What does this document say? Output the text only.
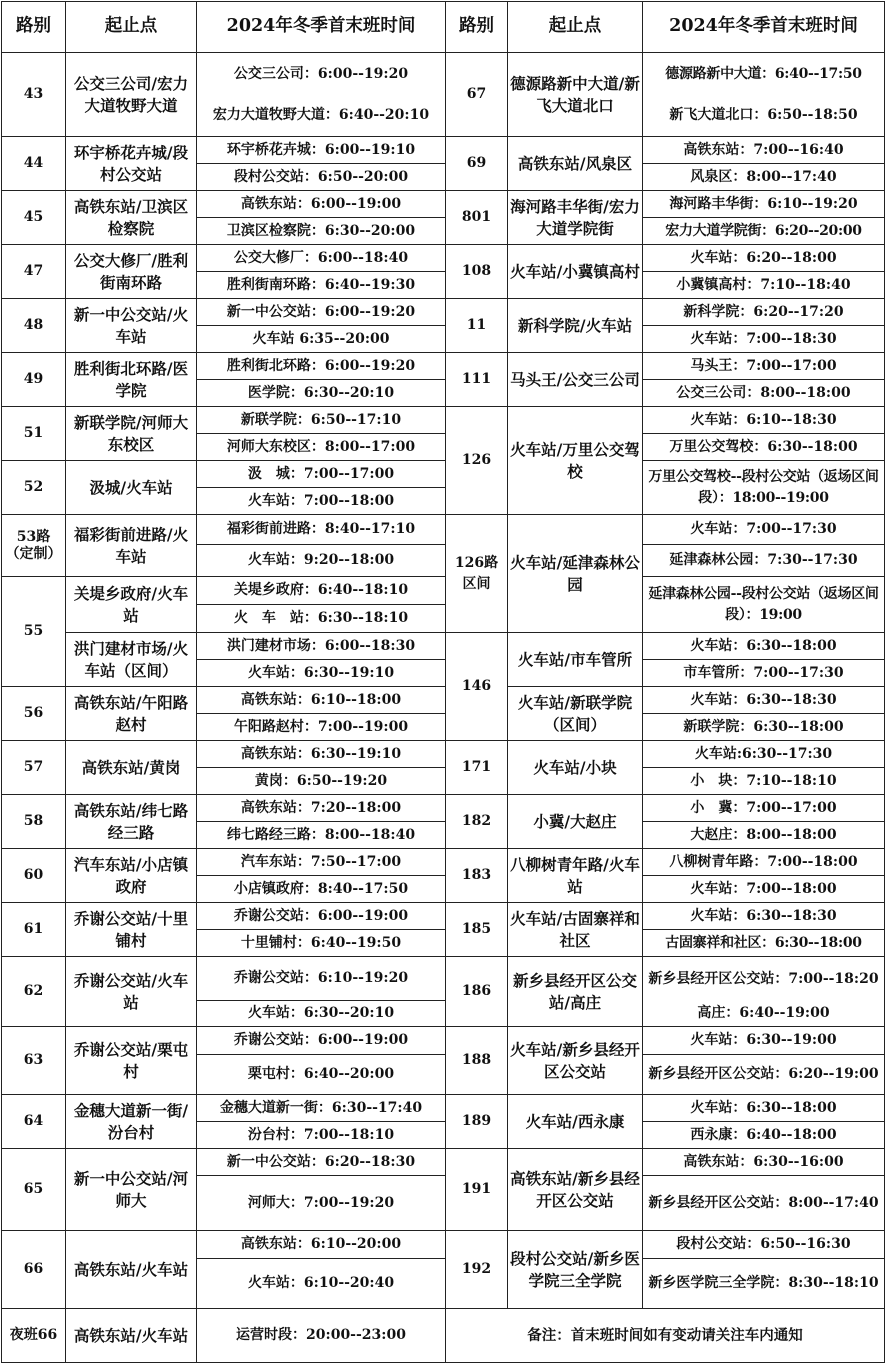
路别	起止点	2024年冬季首末班时间	路别	起止点	2024年冬季首末班时间
43	公交三公司/宏力大道牧野大道	公交三公司：6:00--19:20	67	德源路新中大道/新飞大道北口	德源路新中大道：6:40--17:50
		宏力大道牧野大道：6:40--20:10			新飞大道北口：6:50--18:50
44	环宇桥花卉城/段村公交站	环宇桥花卉城：6:00--19:10	69	高铁东站/风泉区	高铁东站：7:00--16:40
		段村公交站：6:50--20:00			风泉区：8:00--17:40
45	高铁东站/卫滨区检察院	高铁东站：6:00--19:00	801	海河路丰华街/宏力大道学院街	海河路丰华街：6:10--19:20
		卫滨区检察院：6:30--20:00			宏力大道学院街：6:20--20:00
47	公交大修厂/胜利街南环路	公交大修厂：6:00--18:40	108	火车站/小冀镇高村	火车站：6:20--18:00
		胜利街南环路：6:40--19:30			小冀镇高村：7:10--18:40
48	新一中公交站/火车站	新一中公交站：6:00--19:20	11	新科学院/火车站	新科学院：6:20--17:20
		火车站 6:35--20:00			火车站：7:00--18:30
49	胜利街北环路/医学院	胜利街北环路：6:00--19:20	111	马头王/公交三公司	马头王：7:00--17:00
		医学院：6:30--20:10			公交三公司：8:00--18:00
51	新联学院/河师大东校区	新联学院：6:50--17:10	126	火车站/万里公交驾校	火车站：6:10--18:30
		河师大东校区：8:00--17:00			万里公交驾校：6:30--18:00
52	汲城/火车站	汲　城：7:00--17:00			万里公交驾校--段村公交站（返场区间段）：18:00--19:00
		火车站：7:00--18:00			
53路（定制）	福彩街前进路/火车站	福彩街前进路：8:40--17:10	126路区间	火车站/延津森林公园	火车站：7:00--17:30
		火车站：9:20--18:00			延津森林公园：7:30--17:30
55	关堤乡政府/火车站	关堤乡政府：6:40--18:10			延津森林公园--段村公交站（返场区间段）：19:00
		火　车　站：6:30--18:10			
	洪门建材市场/火车站（区间）	洪门建材市场：6:00--18:30	146	火车站/市车管所	火车站：6:30--18:00
		火车站：6:30--19:10			市车管所：7:00--17:30
56	高铁东站/午阳路赵村	高铁东站：6:10--18:00		火车站/新联学院（区间）	火车站：6:30--18:30
		午阳路赵村：7:00--19:00			新联学院：6:30--18:00
57	高铁东站/黄岗	高铁东站：6:30--19:10	171	火车站/小块	火车站:6:30--17:30
		黄岗：6:50--19:20			小　块：7:10--18:10
58	高铁东站/纬七路经三路	高铁东站：7:20--18:00	182	小冀/大赵庄	小　冀：7:00--17:00
		纬七路经三路：8:00--18:40			大赵庄：8:00--18:00
60	汽车东站/小店镇政府	汽车东站：7:50--17:00	183	八柳树青年路/火车站	八柳树青年路：7:00--18:00
		小店镇政府：8:40--17:50			火车站：7:00--18:00
61	乔谢公交站/十里铺村	乔谢公交站：6:00--19:00	185	火车站/古固寨祥和社区	火车站：6:30--18:30
		十里铺村：6:40--19:50			古固寨祥和社区：6:30--18:00
62	乔谢公交站/火车站	乔谢公交站：6:10--19:20	186	新乡县经开区公交站/高庄	新乡县经开区公交站：7:00--18:20
		火车站：6:30--20:10			高庄：6:40--19:00
63	乔谢公交站/栗屯村	乔谢公交站：6:00--19:00	188	火车站/新乡县经开区公交站	火车站：6:30--19:00
		栗屯村：6:40--20:00			新乡县经开区公交站：6:20--19:00
64	金穗大道新一街/汾台村	金穗大道新一街：6:30--17:40	189	火车站/西永康	火车站：6:30--18:00
		汾台村：7:00--18:10			西永康：6:40--18:00
65	新一中公交站/河师大	新一中公交站：6:20--18:30	191	高铁东站/新乡县经开区公交站	高铁东站：6:30--16:00
		河师大：7:00--19:20			新乡县经开区公交站：8:00--17:40
66	高铁东站/火车站	高铁东站：6:10--20:00	192	段村公交站/新乡医学院三全学院	段村公交站：6:50--16:30
		火车站：6:10--20:40			新乡医学院三全学院：8:30--18:10
夜班66	高铁东站/火车站	运营时段：20:00--23:00	备注：首末班时间如有变动请关注车内通知		
